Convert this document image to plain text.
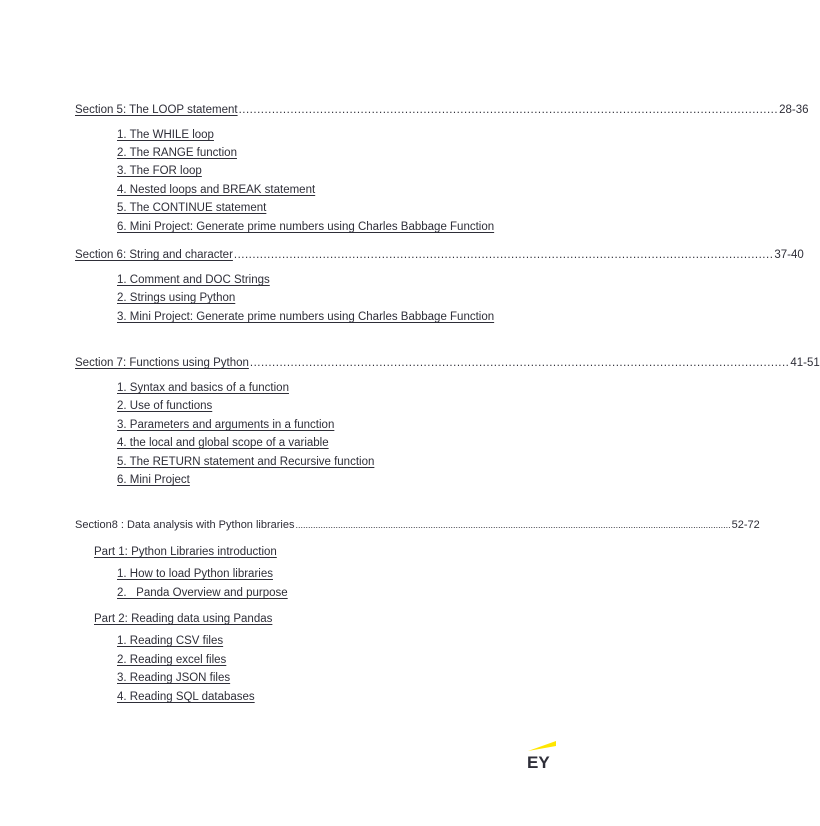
Section 5: The LOOP statement .................................................................................................................................................. 28-36
1. The WHILE loop
2. The RANGE function
3. The FOR loop
4. Nested loops and BREAK statement
5. The CONTINUE statement
6. Mini Project: Generate prime numbers using Charles Babbage Function
Section 6: String and character .................................................................................................................................................. 37-40
1. Comment and DOC Strings
2. Strings using Python
3. Mini Project: Generate prime numbers using Charles Babbage Function
Section 7: Functions using Python .................................................................................................................................................. 41-51
1. Syntax and basics of a function
2. Use of functions
3. Parameters and arguments in a function
4. the local and global scope of a variable
5. The RETURN statement and Recursive function
6. Mini Project
Section8 : Data analysis with Python libraries .............................................................................................................................................................................. 52-72
Part 1: Python Libraries introduction
1. How to load Python libraries
2.   Panda Overview and purpose
Part 2: Reading data using Pandas
1. Reading CSV files
2. Reading excel files
3. Reading JSON files
4. Reading SQL databases
EY
